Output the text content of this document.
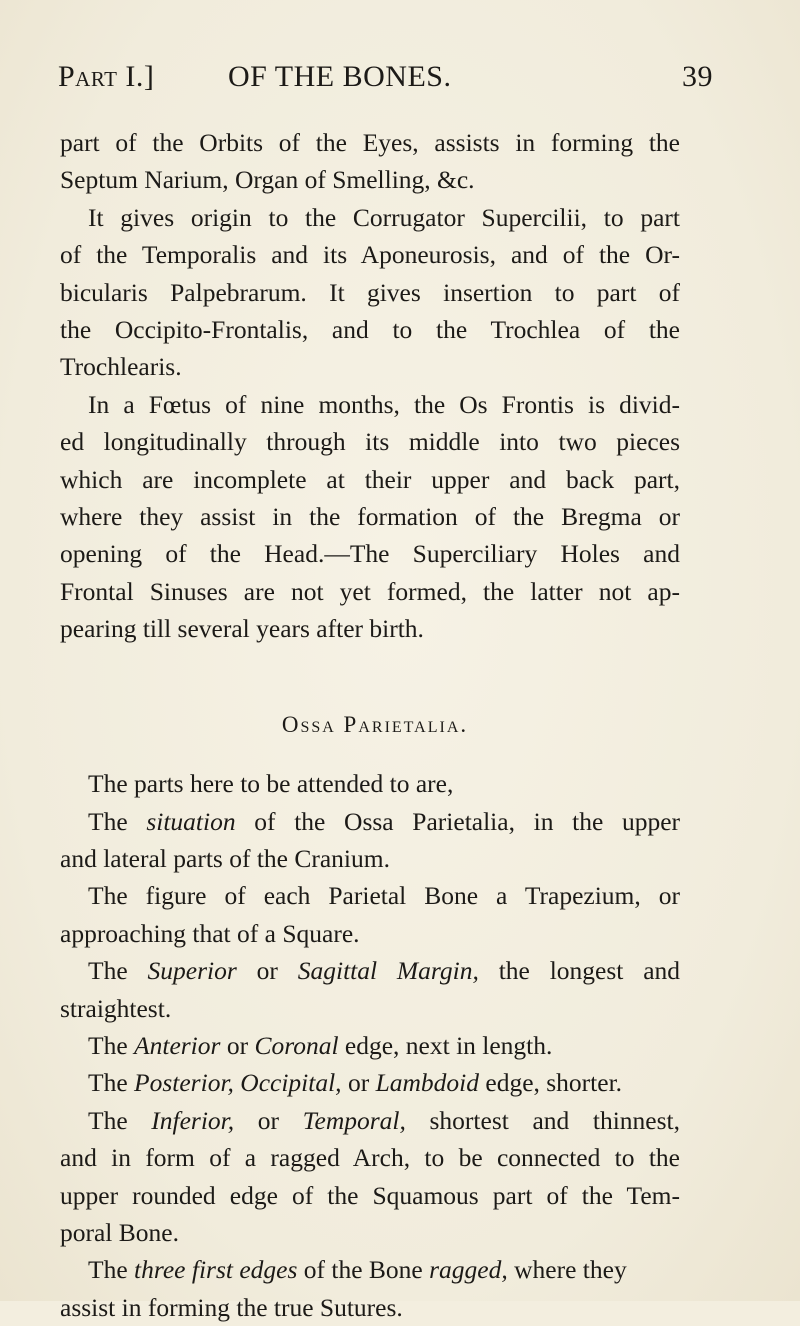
Part I.] OF THE BONES.	39
part of the Orbits of the Eyes, assists in forming the
Septum Narium, Organ of Smelling, &c.
It gives origin to the Corrugator Supercilii, to part
of the Temporalis and its Aponeurosis, and of the Or-
bicularis Palpebrarum. It gives insertion to part of
the Occipito-Frontalis, and to the Trochlea of the
Trochlearis.
In a Fœtus of nine months, the Os Frontis is divid-
ed longitudinally through its middle into two pieces
which are incomplete at their upper and back part,
where they assist in the formation of the Bregma or
opening of the Head.—The Superciliary Holes and
Frontal Sinuses are not yet formed, the latter not ap-
pearing till several years after birth.
Ossa Parietalia.
The parts here to be attended to are,
The situation of the Ossa Parietalia, in the upper
and lateral parts of the Cranium.
The figure of each Parietal Bone a Trapezium, or
approaching that of a Square.
The Superior or Sagittal Margin, the longest and
straightest.
The Anterior or Coronal edge, next in length.
The Posterior, Occipital, or Lambdoid edge, shorter.
The Inferior, or Temporal, shortest and thinnest,
and in form of a ragged Arch, to be connected to the
upper rounded edge of the Squamous part of the Tem-
poral Bone.
The three first edges of the Bone ragged, where they
assist in forming the true Sutures.
